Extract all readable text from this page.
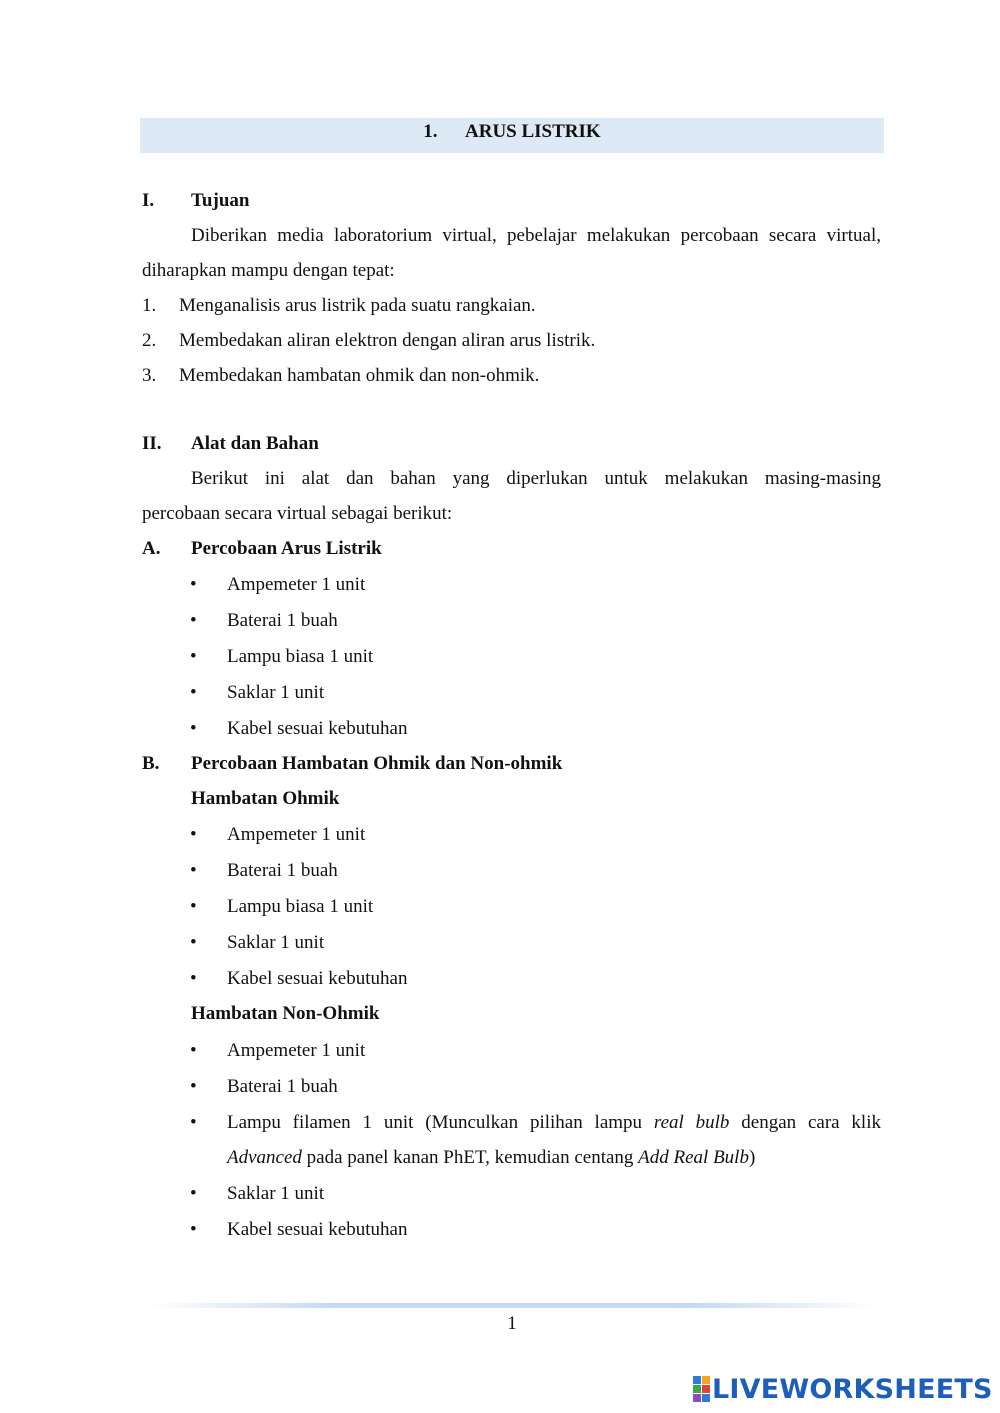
1. ARUS LISTRIK
I. Tujuan
Diberikan media laboratorium virtual, pebelajar melakukan percobaan secara virtual,
diharapkan mampu dengan tepat:
1. Menganalisis arus listrik pada suatu rangkaian.
2. Membedakan aliran elektron dengan aliran arus listrik.
3. Membedakan hambatan ohmik dan non-ohmik.
II. Alat dan Bahan
Berikut ini alat dan bahan yang diperlukan untuk melakukan masing-masing
percobaan secara virtual sebagai berikut:
A. Percobaan Arus Listrik
• Ampemeter 1 unit
• Baterai 1 buah
• Lampu biasa 1 unit
• Saklar 1 unit
• Kabel sesuai kebutuhan
B. Percobaan Hambatan Ohmik dan Non-ohmik
Hambatan Ohmik
• Ampemeter 1 unit
• Baterai 1 buah
• Lampu biasa 1 unit
• Saklar 1 unit
• Kabel sesuai kebutuhan
Hambatan Non-Ohmik
• Ampemeter 1 unit
• Baterai 1 buah
• Lampu filamen 1 unit (Munculkan pilihan lampu real bulb dengan cara klik
Advanced pada panel kanan PhET, kemudian centang Add Real Bulb)
• Saklar 1 unit
• Kabel sesuai kebutuhan
1
LIVEWORKSHEETS
